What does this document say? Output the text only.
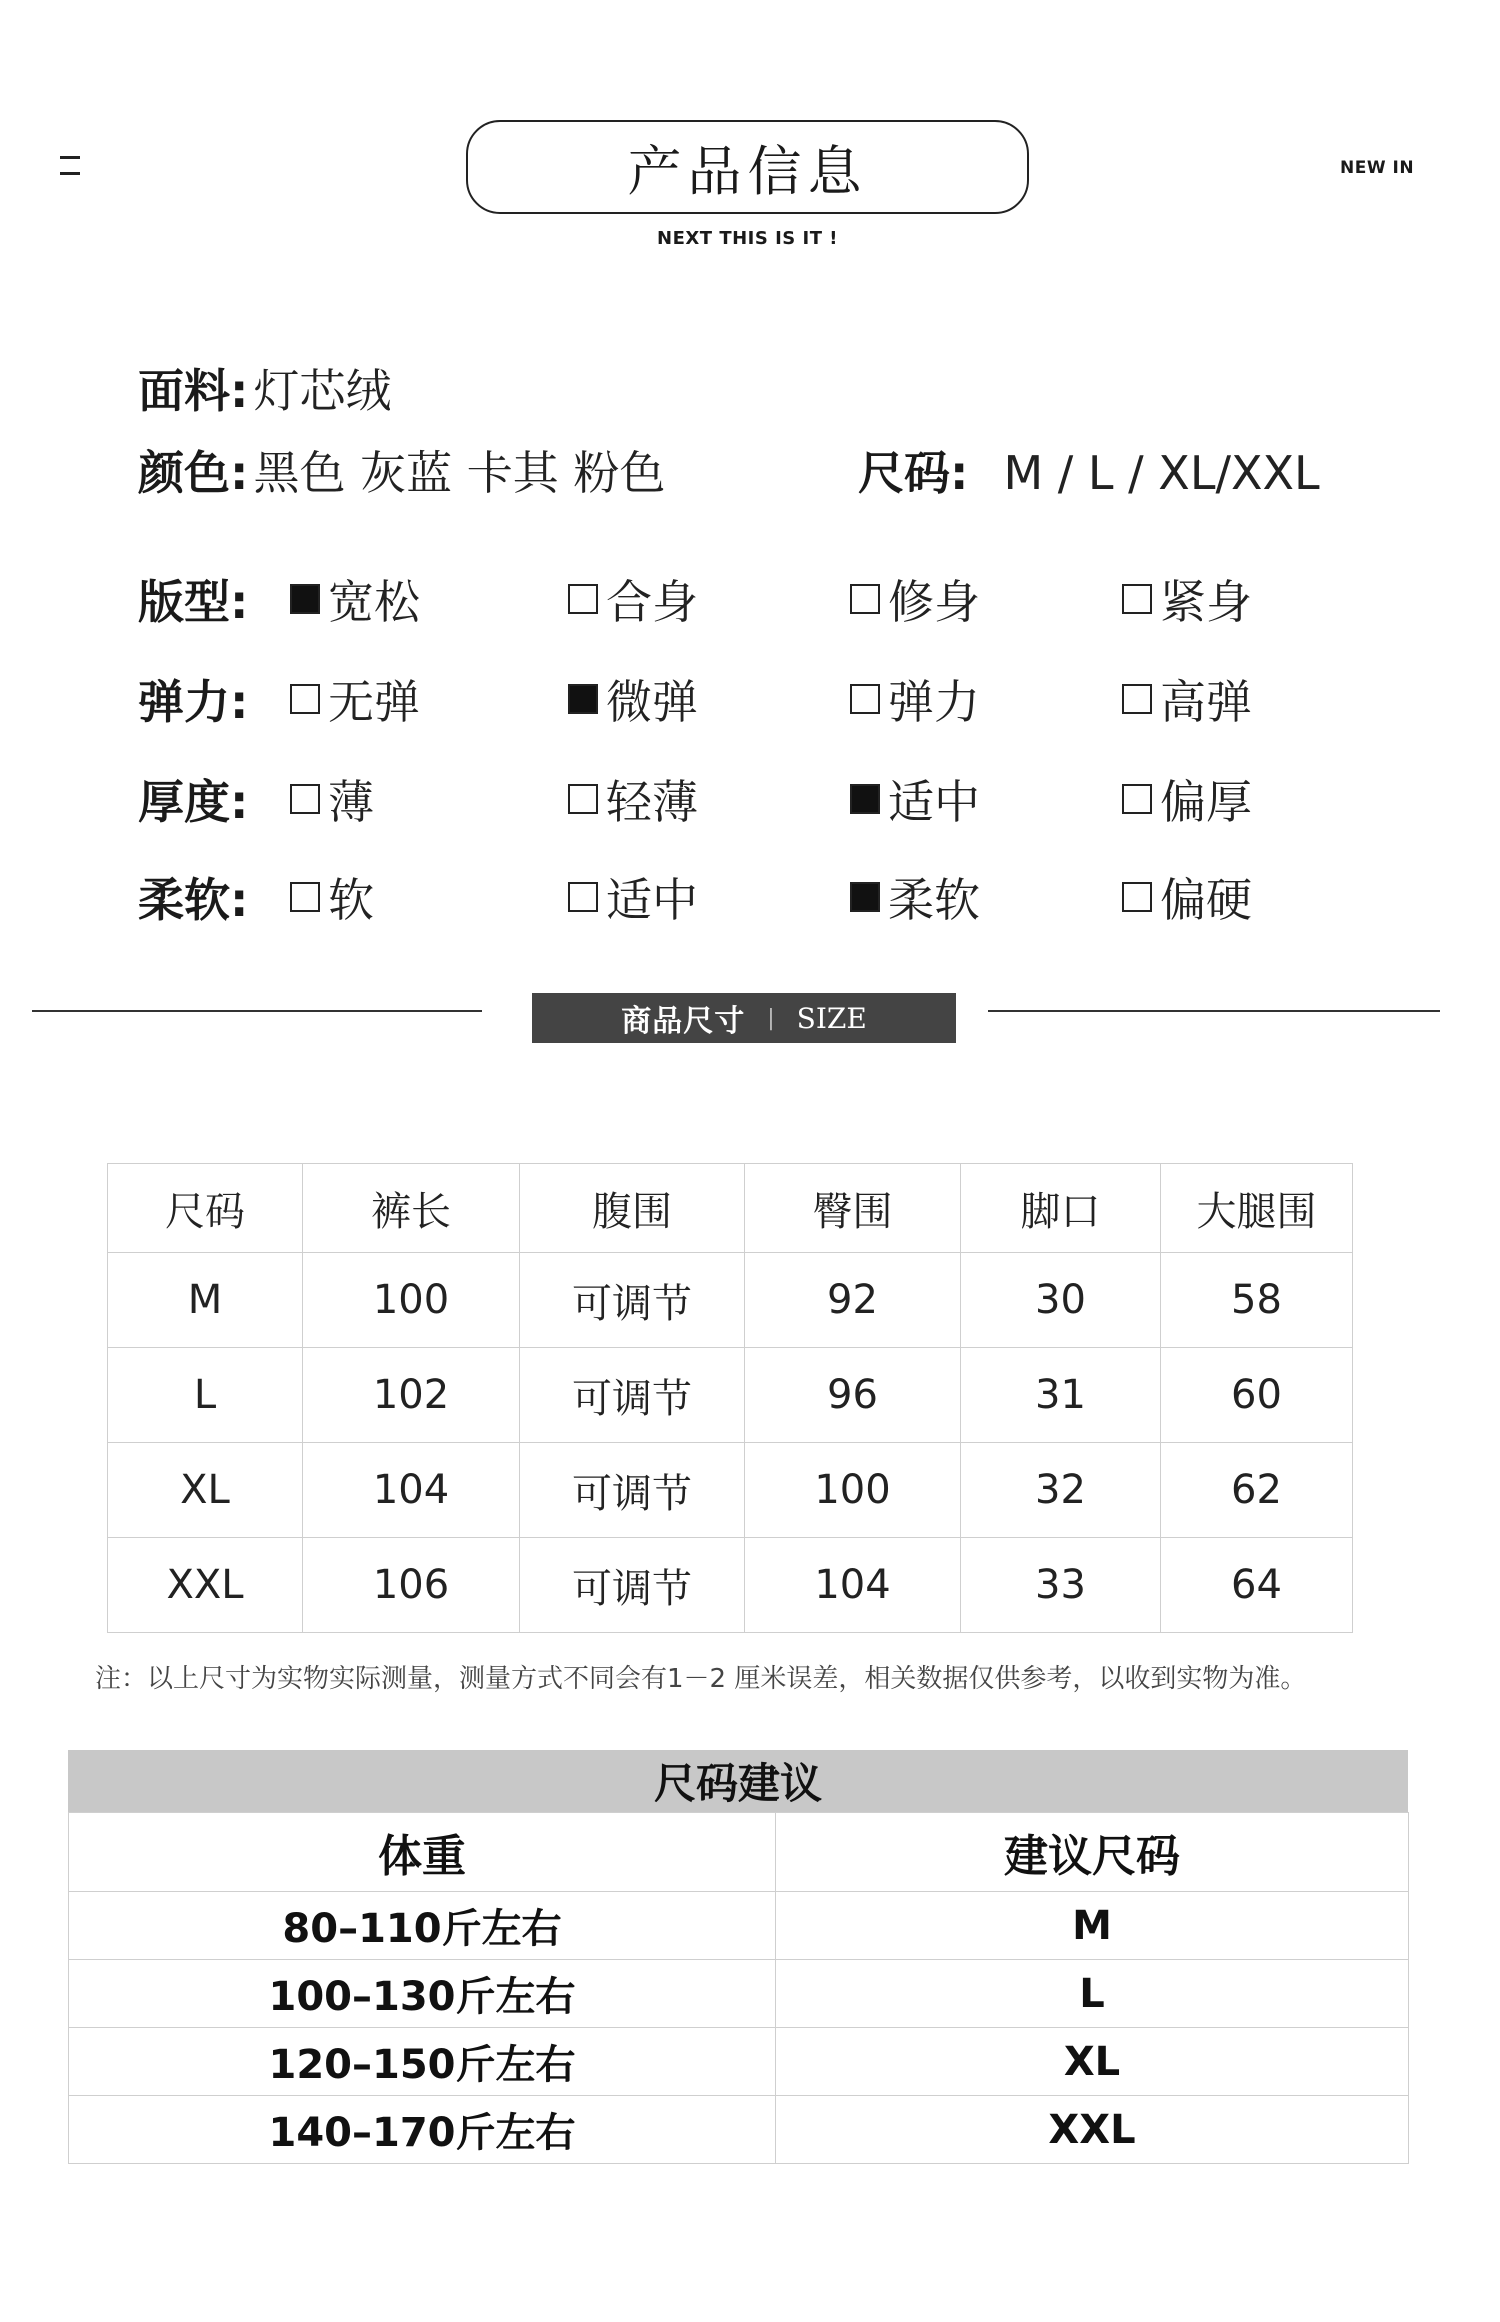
产品信息
NEXT THIS IS IT !
NEW IN
面料: 灯芯绒
颜色: 黑色 灰蓝 卡其 粉色	尺码: M / L / XL/XXL
版型: 宽松	合身	修身	紧身
弹力: 无弹	微弹	弹力	高弹
厚度: 薄	轻薄	适中	偏厚
柔软: 软	适中	柔软	偏硬
商品尺寸 | SIZE
尺码	裤长	腹围	臀围	脚口	大腿围
M	100	可调节	92	30	58
L	102	可调节	96	31	60
XL	104	可调节	100	32	62
XXL	106	可调节	104	33	64
注：以上尺寸为实物实际测量，测量方式不同会有1－2 厘米误差，相关数据仅供参考，以收到实物为准。
尺码建议
体重	建议尺码
80–110斤左右	M
100–130斤左右	L
120–150斤左右	XL
140–170斤左右	XXL
